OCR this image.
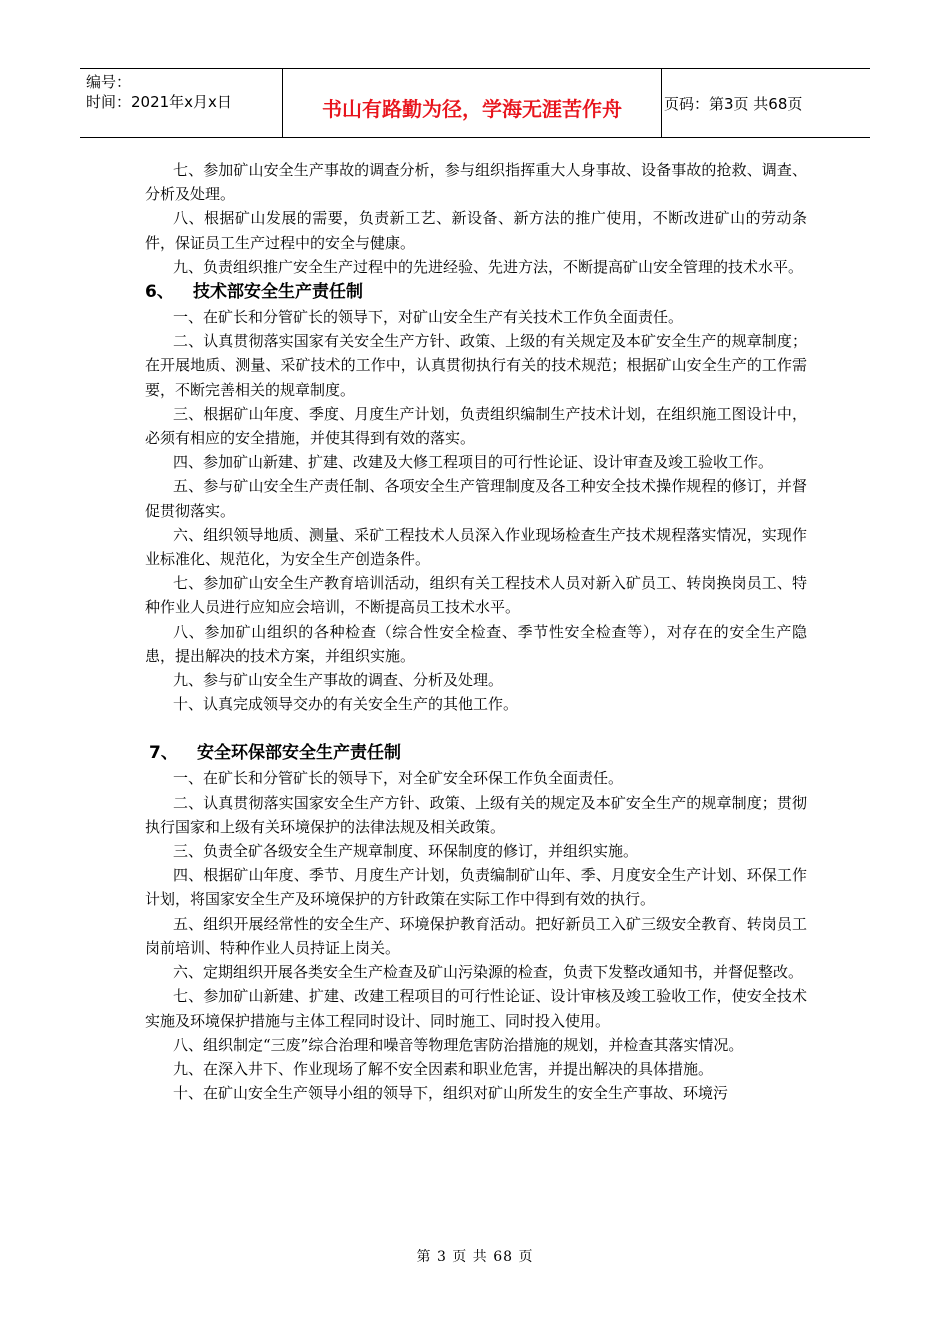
编号：
时间：2021年x月x日	书山有路勤为径，学海无涯苦作舟	页码：第3页 共68页

七、参加矿山安全生产事故的调查分析，参与组织指挥重大人身事故、设备事故的抢救、调查、分析及处理。

八、根据矿山发展的需要，负责新工艺、新设备、新方法的推广使用，不断改进矿山的劳动条件，保证员工生产过程中的安全与健康。

九、负责组织推广安全生产过程中的先进经验、先进方法，不断提高矿山安全管理的技术水平。

6、 技术部安全生产责任制

一、在矿长和分管矿长的领导下，对矿山安全生产有关技术工作负全面责任。

二、认真贯彻落实国家有关安全生产方针、政策、上级的有关规定及本矿安全生产的规章制度；在开展地质、测量、采矿技术的工作中，认真贯彻执行有关的技术规范；根据矿山安全生产的工作需要，不断完善相关的规章制度。

三、根据矿山年度、季度、月度生产计划，负责组织编制生产技术计划，在组织施工图设计中，必须有相应的安全措施，并使其得到有效的落实。

四、参加矿山新建、扩建、改建及大修工程项目的可行性论证、设计审查及竣工验收工作。

五、参与矿山安全生产责任制、各项安全生产管理制度及各工种安全技术操作规程的修订，并督促贯彻落实。

六、组织领导地质、测量、采矿工程技术人员深入作业现场检查生产技术规程落实情况，实现作业标准化、规范化，为安全生产创造条件。

七、参加矿山安全生产教育培训活动，组织有关工程技术人员对新入矿员工、转岗换岗员工、特种作业人员进行应知应会培训，不断提高员工技术水平。

八、参加矿山组织的各种检查（综合性安全检查、季节性安全检查等），对存在的安全生产隐患，提出解决的技术方案，并组织实施。

九、参与矿山安全生产事故的调查、分析及处理。

十、认真完成领导交办的有关安全生产的其他工作。

7、 安全环保部安全生产责任制

一、在矿长和分管矿长的领导下，对全矿安全环保工作负全面责任。

二、认真贯彻落实国家安全生产方针、政策、上级有关的规定及本矿安全生产的规章制度；贯彻执行国家和上级有关环境保护的法律法规及相关政策。

三、负责全矿各级安全生产规章制度、环保制度的修订，并组织实施。

四、根据矿山年度、季节、月度生产计划，负责编制矿山年、季、月度安全生产计划、环保工作计划，将国家安全生产及环境保护的方针政策在实际工作中得到有效的执行。

五、组织开展经常性的安全生产、环境保护教育活动。把好新员工入矿三级安全教育、转岗员工岗前培训、特种作业人员持证上岗关。

六、定期组织开展各类安全生产检查及矿山污染源的检查，负责下发整改通知书，并督促整改。

七、参加矿山新建、扩建、改建工程项目的可行性论证、设计审核及竣工验收工作，使安全技术实施及环境保护措施与主体工程同时设计、同时施工、同时投入使用。

八、组织制定“三废”综合治理和噪音等物理危害防治措施的规划，并检查其落实情况。

九、在深入井下、作业现场了解不安全因素和职业危害，并提出解决的具体措施。

十、在矿山安全生产领导小组的领导下，组织对矿山所发生的安全生产事故、环境污

第 3 页 共 68 页
